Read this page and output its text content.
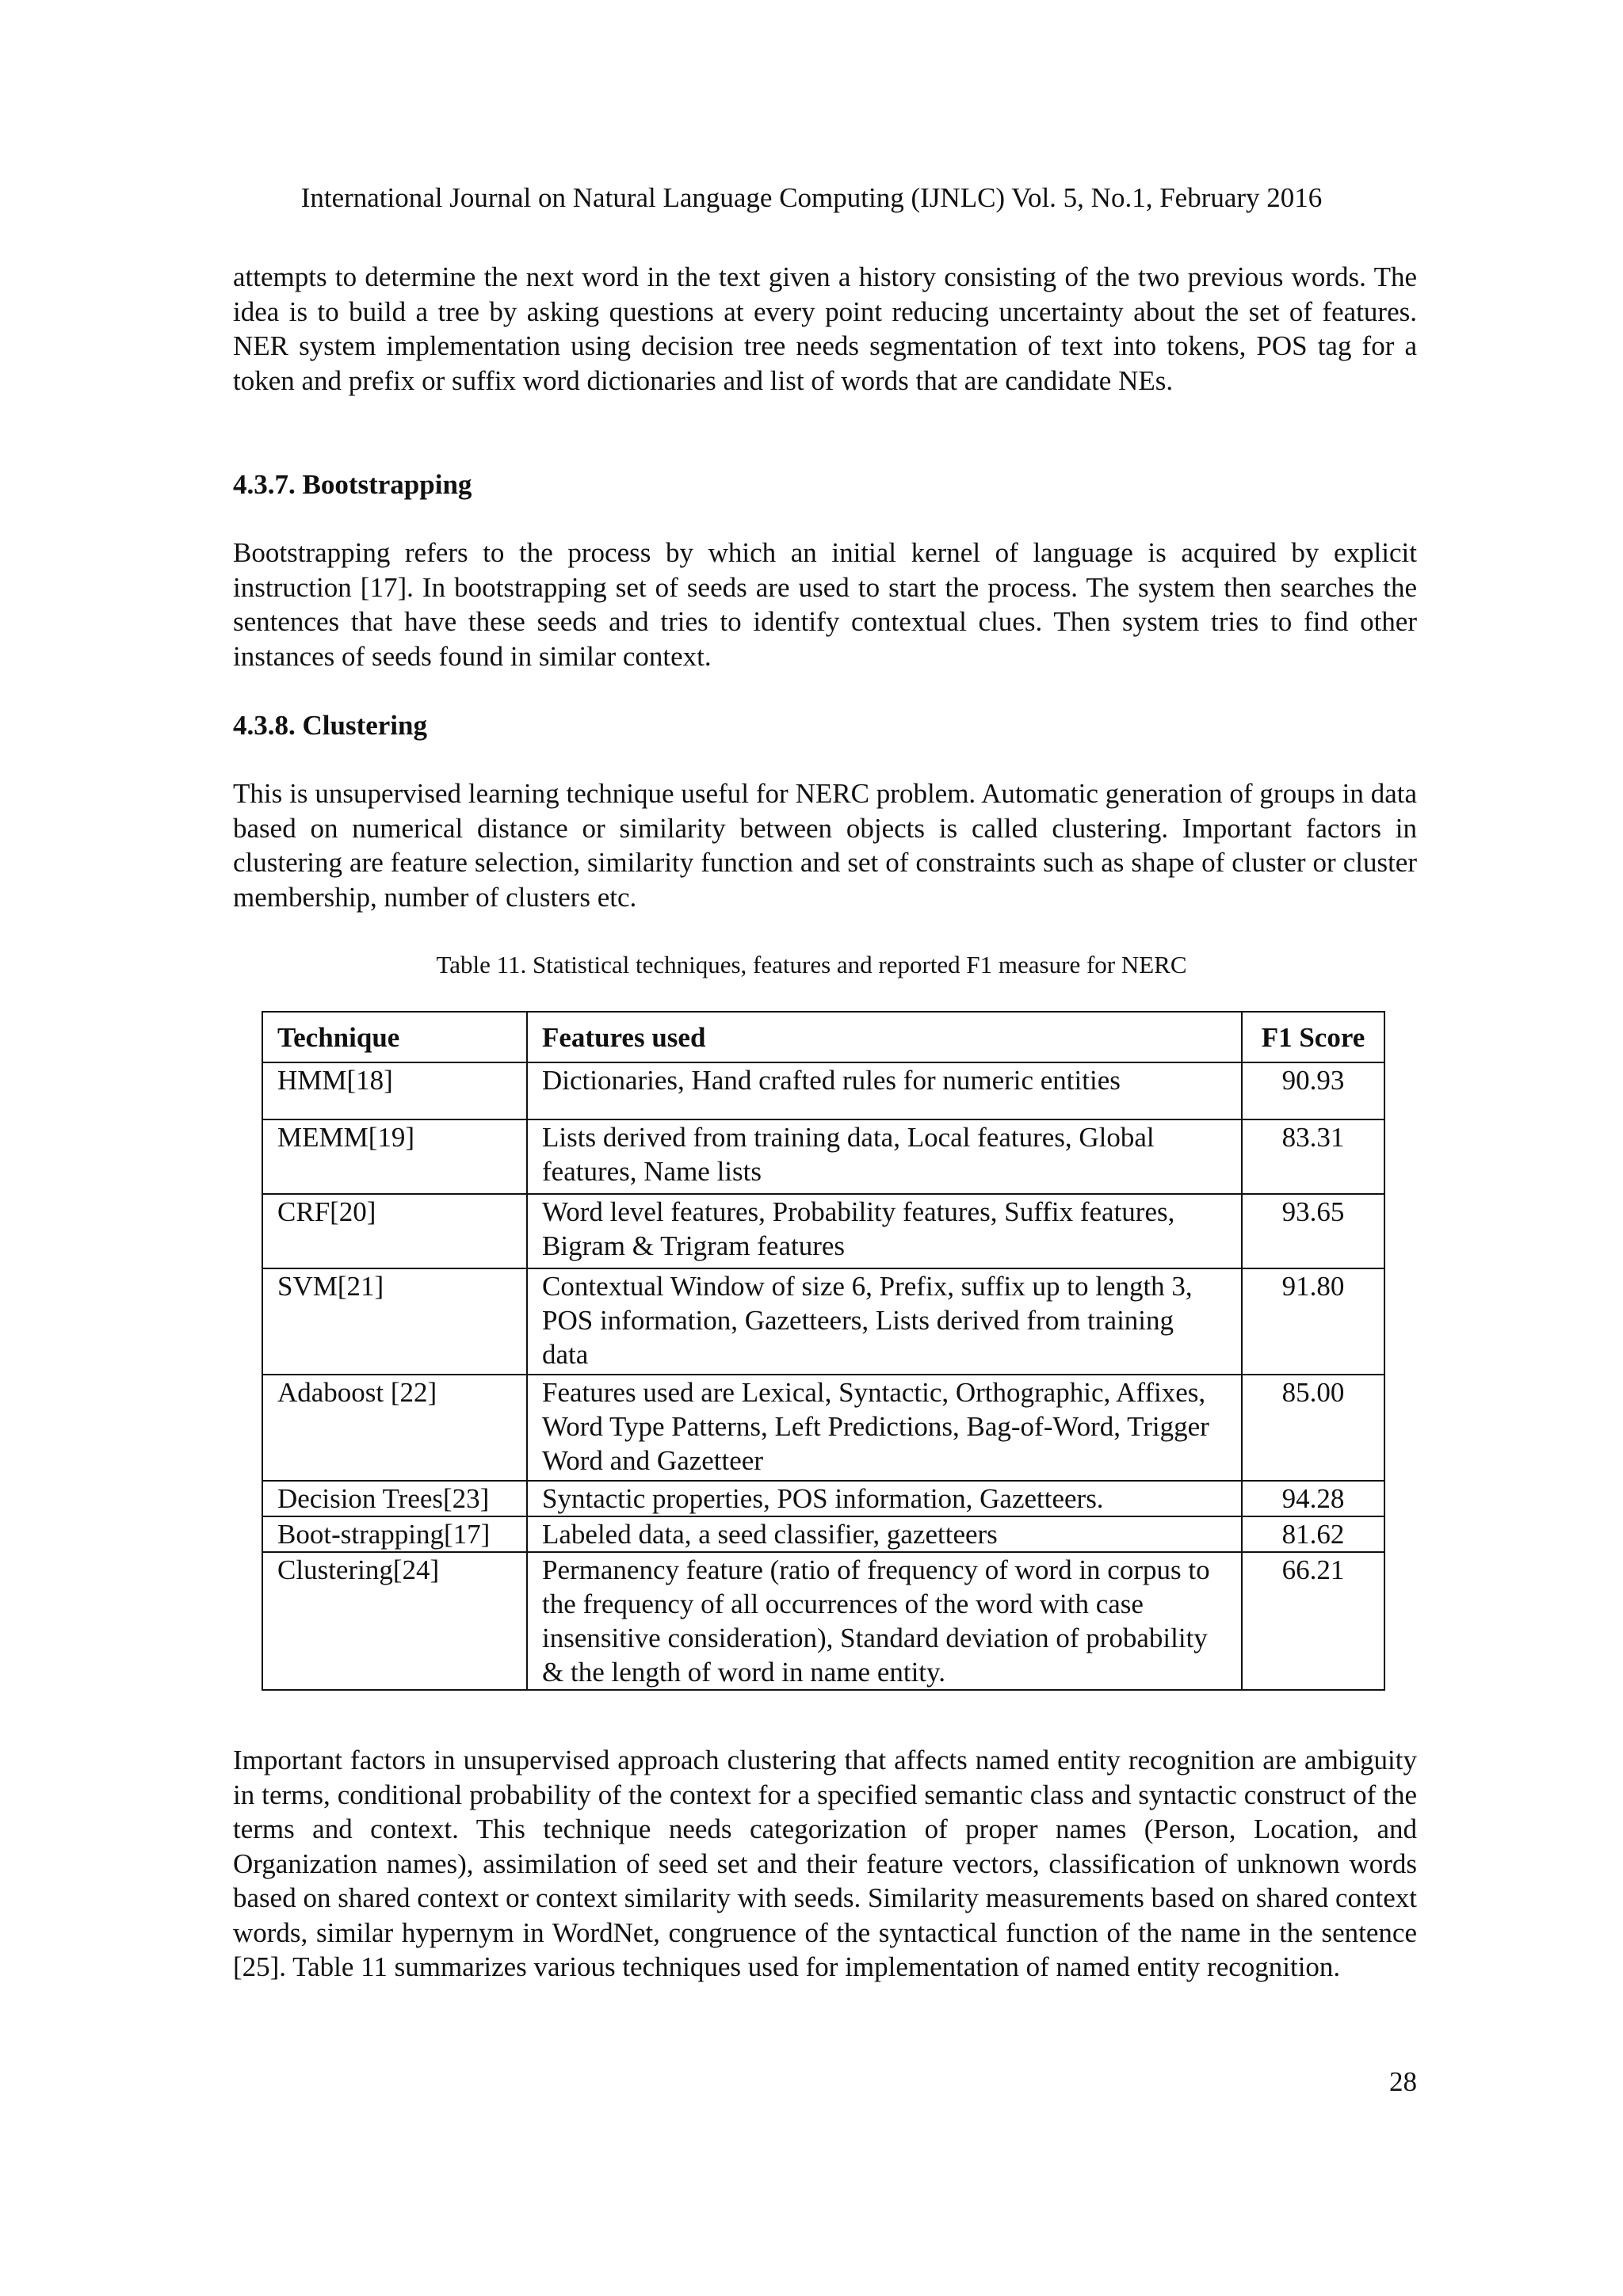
International Journal on Natural Language Computing (IJNLC) Vol. 5, No.1, February 2016
attempts to determine the next word in the text given a history consisting of the two previous words. The idea is to build a tree by asking questions at every point reducing uncertainty about the set of features. NER system implementation using decision tree needs segmentation of text into tokens, POS tag for a token and prefix or suffix word dictionaries and list of words that are candidate NEs.
4.3.7. Bootstrapping
Bootstrapping refers to the process by which an initial kernel of language is acquired by explicit instruction [17]. In bootstrapping set of seeds are used to start the process. The system then searches the sentences that have these seeds and tries to identify contextual clues. Then system tries to find other instances of seeds found in similar context.
4.3.8. Clustering
This is unsupervised learning technique useful for NERC problem. Automatic generation of groups in data based on numerical distance or similarity between objects is called clustering. Important factors in clustering are feature selection, similarity function and set of constraints such as shape of cluster or cluster membership, number of clusters etc.
Table 11. Statistical techniques, features and reported F1 measure for NERC
Technique	Features used	F1 Score
HMM[18]	Dictionaries, Hand crafted rules for numeric entities	90.93
MEMM[19]	Lists derived from training data, Local features, Global features, Name lists	83.31
CRF[20]	Word level features, Probability features, Suffix features, Bigram & Trigram features	93.65
SVM[21]	Contextual Window of size 6, Prefix, suffix up to length 3, POS information, Gazetteers, Lists derived from training data	91.80
Adaboost [22]	Features used are Lexical, Syntactic, Orthographic, Affixes, Word Type Patterns, Left Predictions, Bag-of-Word, Trigger Word and Gazetteer	85.00
Decision Trees[23]	Syntactic properties, POS information, Gazetteers.	94.28
Boot-strapping[17]	Labeled data, a seed classifier, gazetteers	81.62
Clustering[24]	Permanency feature (ratio of frequency of word in corpus to the frequency of all occurrences of the word with case insensitive consideration), Standard deviation of probability & the length of word in name entity.	66.21
Important factors in unsupervised approach clustering that affects named entity recognition are ambiguity in terms, conditional probability of the context for a specified semantic class and syntactic construct of the terms and context. This technique needs categorization of proper names (Person, Location, and Organization names), assimilation of seed set and their feature vectors, classification of unknown words based on shared context or context similarity with seeds. Similarity measurements based on shared context words, similar hypernym in WordNet, congruence of the syntactical function of the name in the sentence [25]. Table 11 summarizes various techniques used for implementation of named entity recognition.
28
